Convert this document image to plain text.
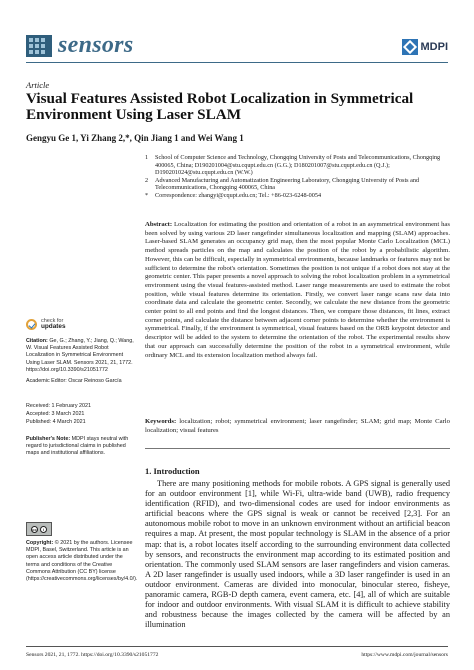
sensors	MDPI
Article
Visual Features Assisted Robot Localization in Symmetrical Environment Using Laser SLAM
Gengyu Ge 1, Yi Zhang 2,*, Qin Jiang 1 and Wei Wang 1
1	School of Computer Science and Technology, Chongqing University of Posts and Telecommunications, Chongqing 400065, China; D190201004@stu.cqupt.edu.cn (G.G.); D180201007@stu.cqupt.edu.cn (Q.J.); D190201024@stu.cqupt.edu.cn (W.W.)
2	Advanced Manufacturing and Automatization Engineering Laboratory, Chongqing University of Posts and Telecommunications, Chongqing 400065, China
*	Correspondence: zhangyi@cqupt.edu.cn; Tel.: +86-023-6248-0054

Abstract: Localization for estimating the position and orientation of a robot in an asymmetrical environment has been solved by using various 2D laser rangefinder simultaneous localization and mapping (SLAM) approaches. Laser-based SLAM generates an occupancy grid map, then the most popular Monte Carlo Localization (MCL) method spreads particles on the map and calculates the position of the robot by a probabilistic algorithm. However, this can be difficult, especially in symmetrical environments, because landmarks or features may not be sufficient to determine the robot's orientation. Sometimes the position is not unique if a robot does not stay at the geometric center. This paper presents a novel approach to solving the robot localization problem in a symmetrical environment using the visual features-assisted method. Laser range measurements are used to estimate the robot position, while visual features determine its orientation. Firstly, we convert laser range scans raw data into coordinate data and calculate the geometric center. Secondly, we calculate the new distance from the geometric center point to all end points and find the longest distances. Then, we compare those distances, fit lines, extract corner points, and calculate the distance between adjacent corner points to determine whether the environment is symmetrical. Finally, if the environment is symmetrical, visual features based on the ORB keypoint detector and descriptor will be added to the system to determine the orientation of the robot. The experimental results show that our approach can successfully determine the position of the robot in a symmetrical environment, while ordinary MCL and its extension localization method always fail.

Keywords: localization; robot; symmetrical environment; laser rangefinder; SLAM; grid map; Monte Carlo localization; visual features

check for
updates
Citation: Ge, G.; Zhang, Y.; Jiang, Q.; Wang, W. Visual Features Assisted Robot Localization in Symmetrical Environment Using Laser SLAM. Sensors 2021, 21, 1772. https://doi.org/10.3390/s21051772
Academic Editor: Oscar Reinoso García
Received: 1 February 2021
Accepted: 3 March 2021
Published: 4 March 2021
Publisher's Note: MDPI stays neutral with regard to jurisdictional claims in published maps and institutional affiliations.
cc	i
Copyright: © 2021 by the authors. Licensee MDPI, Basel, Switzerland. This article is an open access article distributed under the terms and conditions of the Creative Commons Attribution (CC BY) license (https://creativecommons.org/licenses/by/4.0/).
1. Introduction

There are many positioning methods for mobile robots. A GPS signal is generally used for an outdoor environment [1], while Wi-Fi, ultra-wide band (UWB), radio frequency identification (RFID), and two-dimensional codes are used for indoor environments as artificial beacons where the GPS signal is weak or cannot be received [2,3]. For an autonomous mobile robot to move in an unknown environment without an artificial beacon requires a map. At present, the most popular technology is SLAM in the absence of a prior map: that is, a robot locates itself according to the surrounding environment data collected by sensors, and reconstructs the environment map according to its estimated position and orientation. The commonly used SLAM sensors are laser rangefinders and vision cameras. A 2D laser rangefinder is usually used indoors, while a 3D laser rangefinder is used in an outdoor environment. Cameras are divided into monocular, binocular stereo, fisheye, panoramic camera, RGB-D depth camera, event camera, etc. [4], all of which are suitable for indoor and outdoor environments. With visual SLAM it is difficult to achieve stability and robustness because the images collected by the camera will be affected by an illumination

Sensors 2021, 21, 1772. https://doi.org/10.3390/s21051772	https://www.mdpi.com/journal/sensors
